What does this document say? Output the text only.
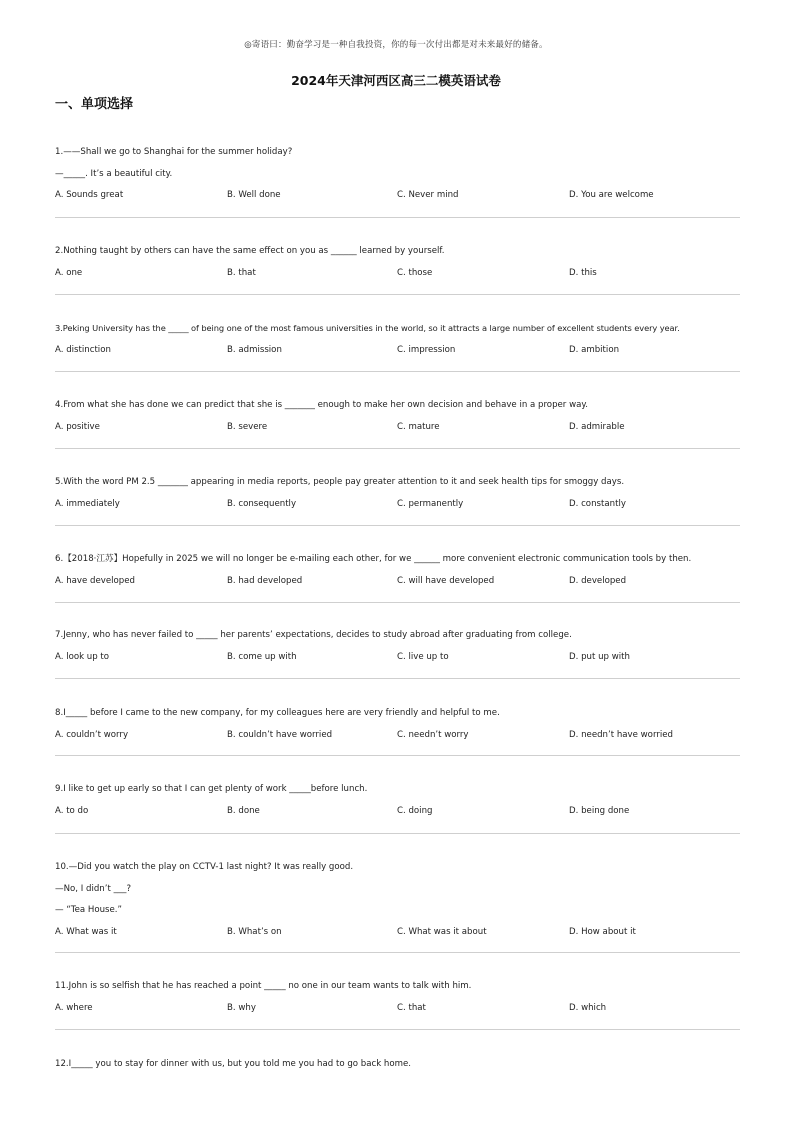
◎寄语曰：勤奋学习是一种自我投资，你的每一次付出都是对未来最好的储备。
2024年天津河西区高三二模英语试卷
一、单项选择
1.——Shall we go to Shanghai for the summer holiday?
—_____. It’s a beautiful city.
A. Sounds great	B. Well done	C. Never mind	D. You are welcome
2.Nothing taught by others can have the same effect on you as ______ learned by yourself.
A. one	B. that	C. those	D. this
3.Peking University has the _____ of being one of the most famous universities in the world, so it attracts a large number of excellent students every year.
A. distinction	B. admission	C. impression	D. ambition
4.From what she has done we can predict that she is _______ enough to make her own decision and behave in a proper way.
A. positive	B. severe	C. mature	D. admirable
5.With the word PM 2.5 _______ appearing in media reports, people pay greater attention to it and seek health tips for smoggy days.
A. immediately	B. consequently	C. permanently	D. constantly
6.【2018·江苏】Hopefully in 2025 we will no longer be e-mailing each other, for we ______ more convenient electronic communication tools by then.
A. have developed	B. had developed	C. will have developed	D. developed
7.Jenny, who has never failed to _____ her parents’ expectations, decides to study abroad after graduating from college.
A. look up to	B. come up with	C. live up to	D. put up with
8.I_____ before I came to the new company, for my colleagues here are very friendly and helpful to me.
A. couldn’t worry	B. couldn’t have worried	C. needn’t worry	D. needn’t have worried
9.I like to get up early so that I can get plenty of work _____before lunch.
A. to do	B. done	C. doing	D. being done
10.—Did you watch the play on CCTV-1 last night? It was really good.
—No, I didn’t ___?
— “Tea House.”
A. What was it	B. What’s on	C. What was it about	D. How about it
11.John is so selfish that he has reached a point _____ no one in our team wants to talk with him.
A. where	B. why	C. that	D. which
12.I_____ you to stay for dinner with us, but you told me you had to go back home.
